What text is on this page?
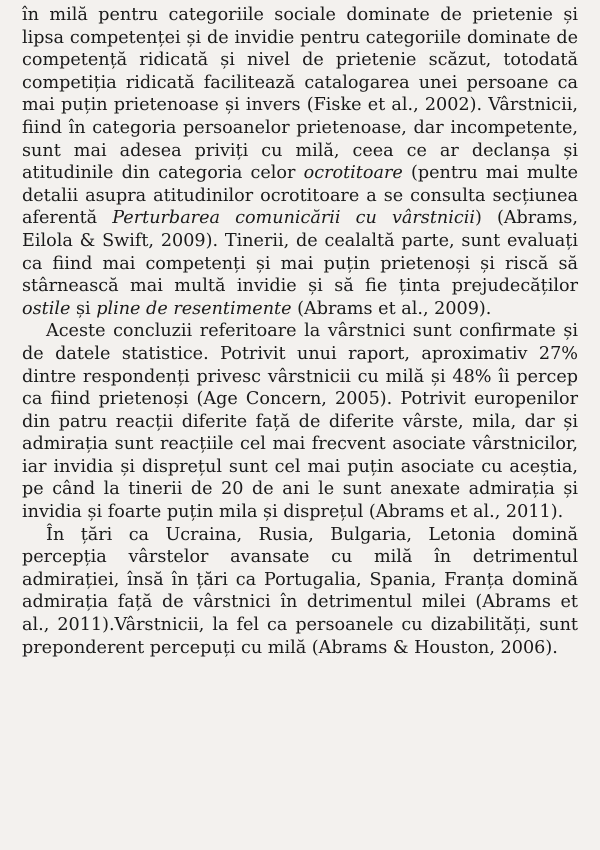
în milă pentru categoriile sociale dominate de prietenie și lipsa competenței și de invidie pentru categoriile dominate de competență ridicată și nivel de prietenie scăzut, totodată competiția ridicată facilitează catalogarea unei persoane ca mai puțin prietenoase și invers (Fiske et al., 2002). Vârstnicii, fiind în categoria persoanelor prietenoase, dar incompetente, sunt mai adesea priviți cu milă, ceea ce ar declanșa și atitudinile din categoria celor ocrotitoare (pentru mai multe detalii asupra atitudinilor ocrotitoare a se consulta secțiunea aferentă Perturbarea comunicării cu vârstnicii) (Abrams, Eilola & Swift, 2009). Tinerii, de cealaltă parte, sunt evaluați ca fiind mai competenți și mai puțin prietenoși și riscă să stârnească mai multă invidie și să fie ținta prejudecăților ostile și pline de resentimente (Abrams et al., 2009).

Aceste concluzii referitoare la vârstnici sunt confirmate și de datele statistice. Potrivit unui raport, aproximativ 27% dintre respondenți privesc vârstnicii cu milă și 48% îi percep ca fiind prietenoși (Age Concern, 2005). Potrivit europenilor din patru reacții diferite față de diferite vârste, mila, dar și admirația sunt reacțiile cel mai frecvent asociate vârstnicilor, iar invidia și disprețul sunt cel mai puțin asociate cu aceștia, pe când la tinerii de 20 de ani le sunt anexate admirația și invidia și foarte puțin mila și disprețul (Abrams et al., 2011).

În țări ca Ucraina, Rusia, Bulgaria, Letonia domină percepția vârstelor avansate cu milă în detrimentul admirației, însă în țări ca Portugalia, Spania, Franța domină admirația față de vârstnici în detrimentul milei (Abrams et al., 2011).Vârstnicii, la fel ca persoanele cu dizabilități, sunt preponderent percepuți cu milă (Abrams & Houston, 2006).
